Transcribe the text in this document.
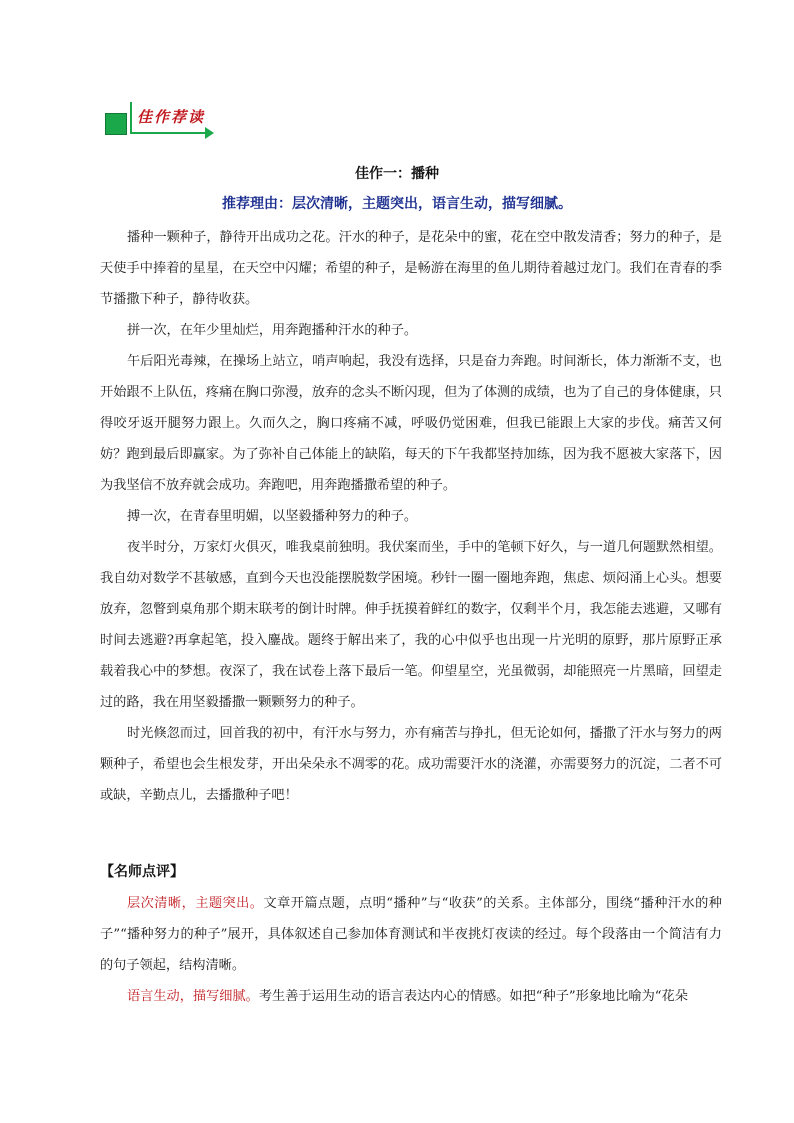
佳作荐读
佳作一：播种
推荐理由：层次清晰，主题突出，语言生动，描写细腻。

播种一颗种子，静待开出成功之花。汗水的种子，是花朵中的蜜，花在空中散发清香；努力的种子，是天使手中捧着的星星，在天空中闪耀；希望的种子，是畅游在海里的鱼儿期待着越过龙门。我们在青春的季节播撒下种子，静待收获。

拼一次，在年少里灿烂，用奔跑播种汗水的种子。

午后阳光毒辣，在操场上站立，哨声响起，我没有选择，只是奋力奔跑。时间渐长，体力渐渐不支，也开始跟不上队伍，疼痛在胸口弥漫，放弃的念头不断闪现，但为了体测的成绩，也为了自己的身体健康，只得咬牙返开腿努力跟上。久而久之，胸口疼痛不减，呼吸仍觉困难，但我已能跟上大家的步伐。痛苦又何妨？跑到最后即赢家。为了弥补自己体能上的缺陷，每天的下午我都坚持加练，因为我不愿被大家落下，因为我坚信不放弃就会成功。奔跑吧，用奔跑播撒希望的种子。

搏一次，在青春里明媚，以坚毅播种努力的种子。

夜半时分，万家灯火俱灭，唯我桌前独明。我伏案而坐，手中的笔顿下好久，与一道几何题默然相望。我自幼对数学不甚敏感，直到今天也没能摆脱数学困境。秒针一圈一圈地奔跑，焦虑、烦闷涌上心头。想要放弃，忽瞥到桌角那个期末联考的倒计时牌。伸手抚摸着鲜红的数字，仅剩半个月，我怎能去逃避，又哪有时间去逃避?再拿起笔，投入鏖战。题终于解出来了，我的心中似乎也出现一片光明的原野，那片原野正承载着我心中的梦想。夜深了，我在试卷上落下最后一笔。仰望星空，光虽微弱，却能照亮一片黑暗，回望走过的路，我在用坚毅播撒一颗颗努力的种子。

时光倏忽而过，回首我的初中，有汗水与努力，亦有痛苦与挣扎，但无论如何，播撒了汗水与努力的两颗种子，希望也会生根发芽，开出朵朵永不凋零的花。成功需要汗水的浇灌，亦需要努力的沉淀，二者不可或缺，辛勤点儿，去播撒种子吧！

【名师点评】

层次清晰，主题突出。文章开篇点题，点明“播种”与“收获”的关系。主体部分，围绕“播种汗水的种子”“播种努力的种子”展开，具体叙述自己参加体育测试和半夜挑灯夜读的经过。每个段落由一个简洁有力的句子领起，结构清晰。

语言生动，描写细腻。考生善于运用生动的语言表达内心的情感。如把“种子”形象地比喻为“花朵
